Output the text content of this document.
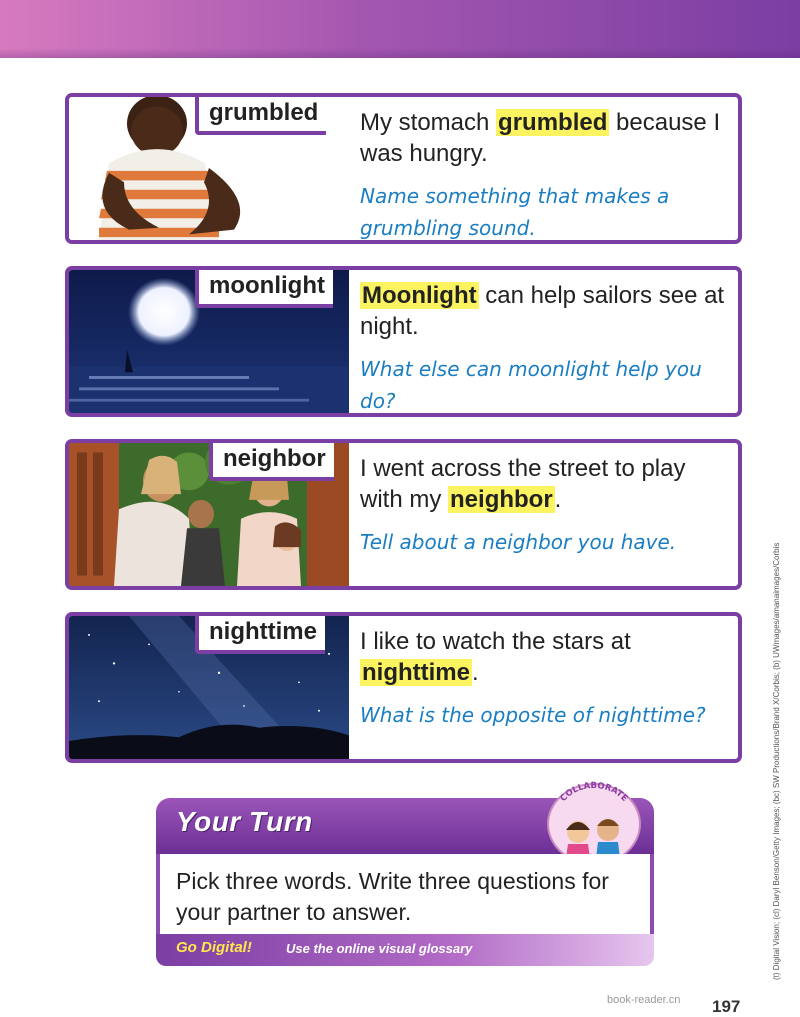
grumbled	My stomach grumbled because I was hungry.
Name something that makes a grumbling sound.
moonlight	Moonlight can help sailors see at night.
What else can moonlight help you do?
neighbor	I went across the street to play with my neighbor.
Tell about a neighbor you have.
nighttime	I like to watch the stars at nighttime.
What is the opposite of nighttime?
Your Turn
COLLABORATE
Pick three words. Write three questions for your partner to answer.
Go Digital!	Use the online visual glossary	(t) Digital Vision; (cl) Daryl Benson/Getty Images; (bc) SW Productions/Brand X/Corbis; (b) UWmages/amanaimages/Corbis
book-reader.cn 197
